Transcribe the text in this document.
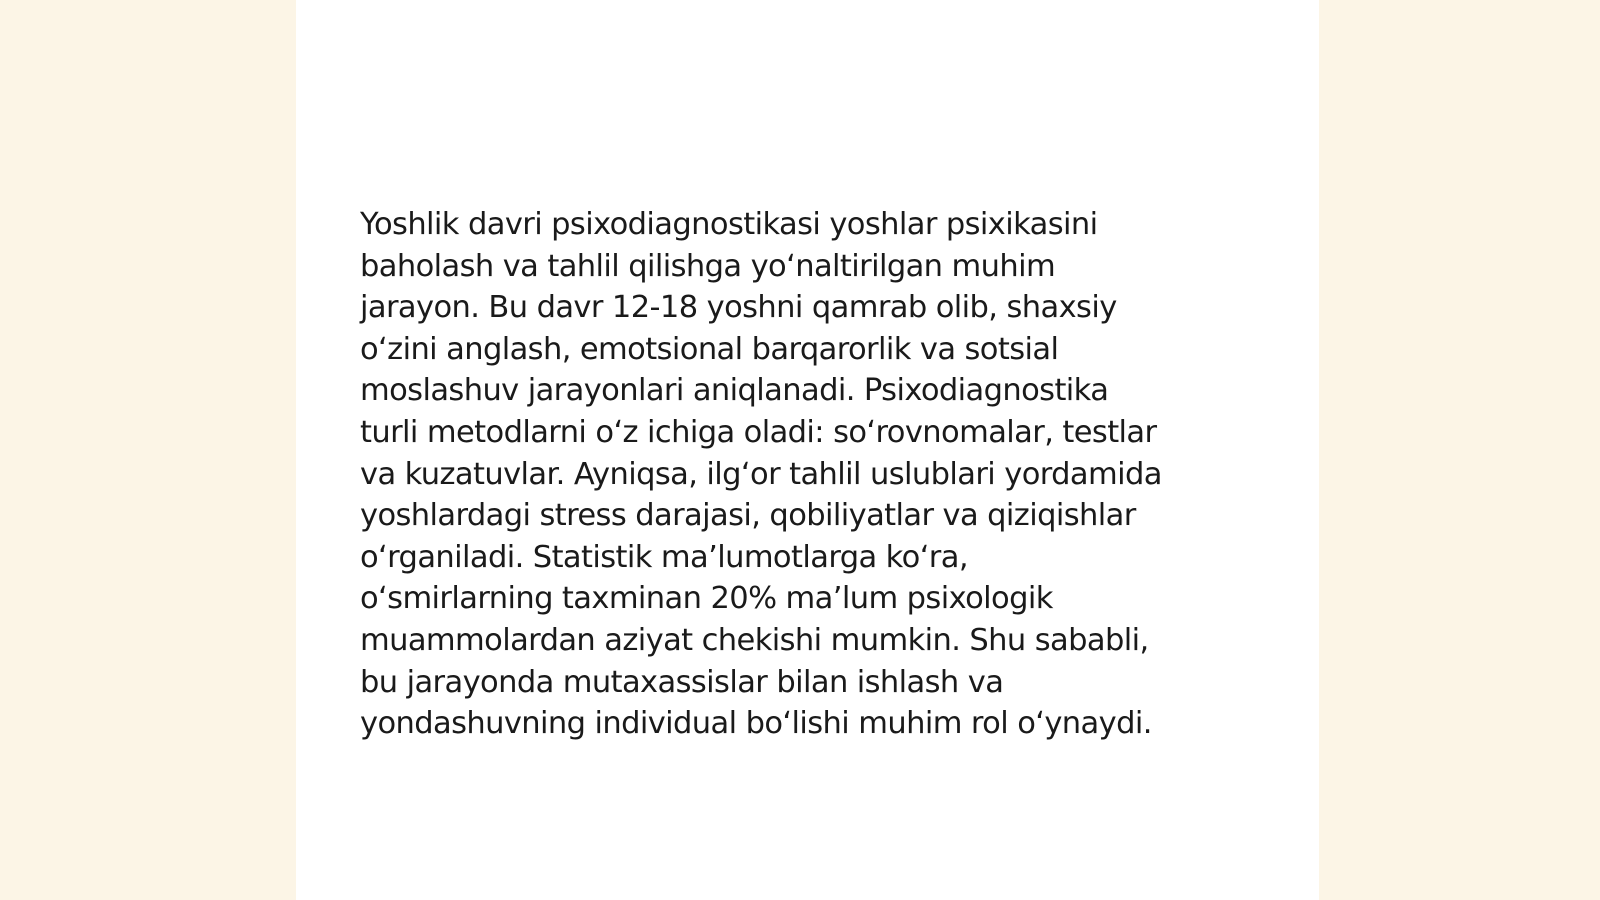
Yoshlik davri psixodiagnostikasi yoshlar psixikasini
baholash va tahlil qilishga yoʻnaltirilgan muhim
jarayon. Bu davr 12-18 yoshni qamrab olib, shaxsiy
oʻzini anglash, emotsional barqarorlik va sotsial
moslashuv jarayonlari aniqlanadi. Psixodiagnostika
turli metodlarni oʻz ichiga oladi: soʻrovnomalar, testlar
va kuzatuvlar. Ayniqsa, ilgʻor tahlil uslublari yordamida
yoshlardagi stress darajasi, qobiliyatlar va qiziqishlar
oʻrganiladi. Statistik maʼlumotlarga koʻra,
oʻsmirlarning taxminan 20% maʼlum psixologik
muammolardan aziyat chekishi mumkin. Shu sababli,
bu jarayonda mutaxassislar bilan ishlash va
yondashuvning individual boʻlishi muhim rol oʻynaydi.
